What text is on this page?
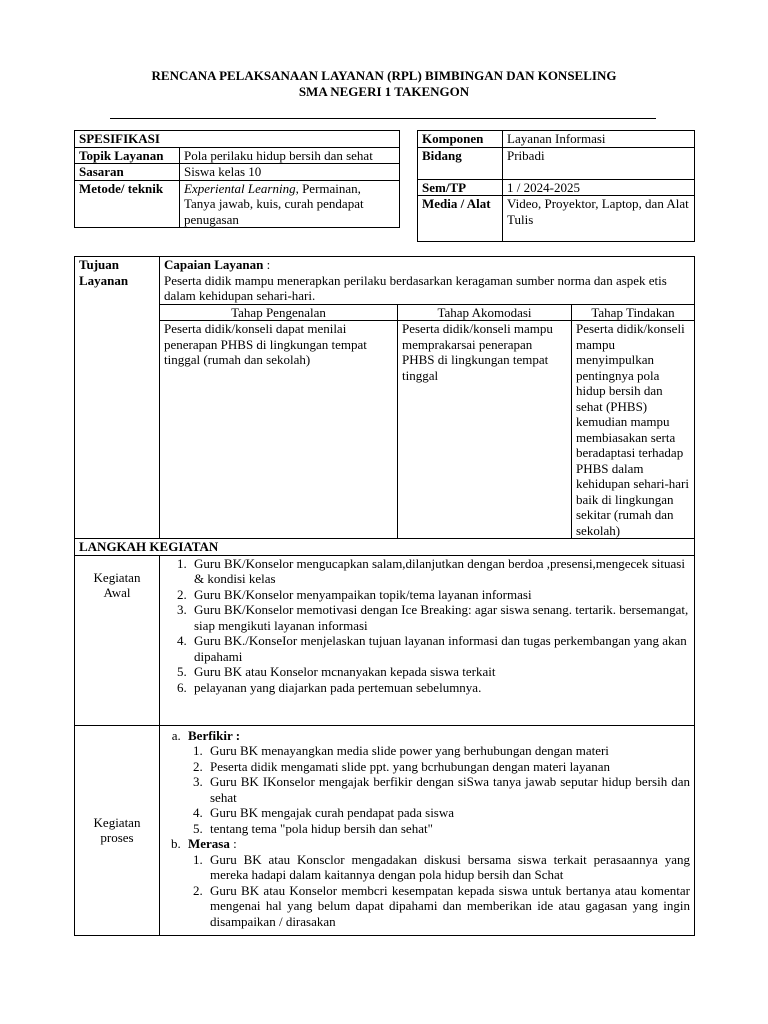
RENCANA PELAKSANAAN LAYANAN (RPL) BIMBINGAN DAN KONSELING
SMA NEGERI 1 TAKENGON
SPESIFIKASI	
Topik Layanan	Pola perilaku hidup bersih dan sehat
Sasaran	Siswa kelas 10
Metode/ teknik	Experiental Learning, Permainan, Tanya jawab, kuis, curah pendapat penugasan
Komponen	Layanan Informasi
Bidang	Pribadi
Sem/TP	1 / 2024-2025
Media / Alat	Video, Proyektor, Laptop, dan Alat Tulis
Tujuan Layanan	
Capaian Layanan :
Peserta didik mampu menerapkan perilaku berdasarkan keragaman sumber norma dan aspek etis dalam kehidupan sehari-hari.
Tahap Pengenalan	Tahap Akomodasi	Tahap Tindakan
Peserta didik/konseli dapat menilai penerapan PHBS di lingkungan tempat tinggal (rumah dan sekolah)	Peserta didik/konseli mampu memprakarsai penerapan PHBS di lingkungan tempat tinggal	Peserta didik/konseli mampu menyimpulkan pentingnya pola hidup bersih dan sehat (PHBS) kemudian mampu membiasakan serta beradaptasi terhadap PHBS dalam kehidupan sehari-hari baik di lingkungan sekitar (rumah dan sekolah)

LANGKAH KEGIATAN
Kegiatan Awal	
1. Guru BK/Konselor mengucapkan salam,dilanjutkan dengan berdoa ,presensi,mengecek situasi & kondisi kelas
2. Guru BK/Konselor menyampaikan topik/tema layanan informasi
3. Guru BK/Konselor memotivasi dengan Ice Breaking: agar siswa senang. tertarik. bersemangat, siap mengikuti layanan informasi
4. Guru BK./KonseIor menjelaskan tujuan layanan informasi dan tugas perkembangan yang akan dipahami
5. Guru BK atau Konselor mcnanyakan kepada siswa terkait
6. pelayanan yang diajarkan pada pertemuan sebelumnya.

Kegiatan proses	
a. Berfikir :
1. Guru BK menayangkan media slide power yang berhubungan dengan materi
2. Peserta didik mengamati slide ppt. yang bcrhubungan dengan materi layanan
3. Guru BK IKonselor mengajak berfikir dengan siSwa tanya jawab seputar hidup bersih dan sehat
4. Guru BK mengajak curah pendapat pada siswa
5. tentang tema "pola hidup bersih dan sehat"
b. Merasa :
1. Guru BK atau Konsclor mengadakan diskusi bersama siswa terkait perasaannya yang mereka hadapi dalam kaitannya dengan pola hidup bersih dan Schat
2. Guru BK atau Konselor membcri kesempatan kepada siswa untuk bertanya atau komentar mengenai hal yang belum dapat dipahami dan memberikan ide atau gagasan yang ingin disampaikan / dirasakan
